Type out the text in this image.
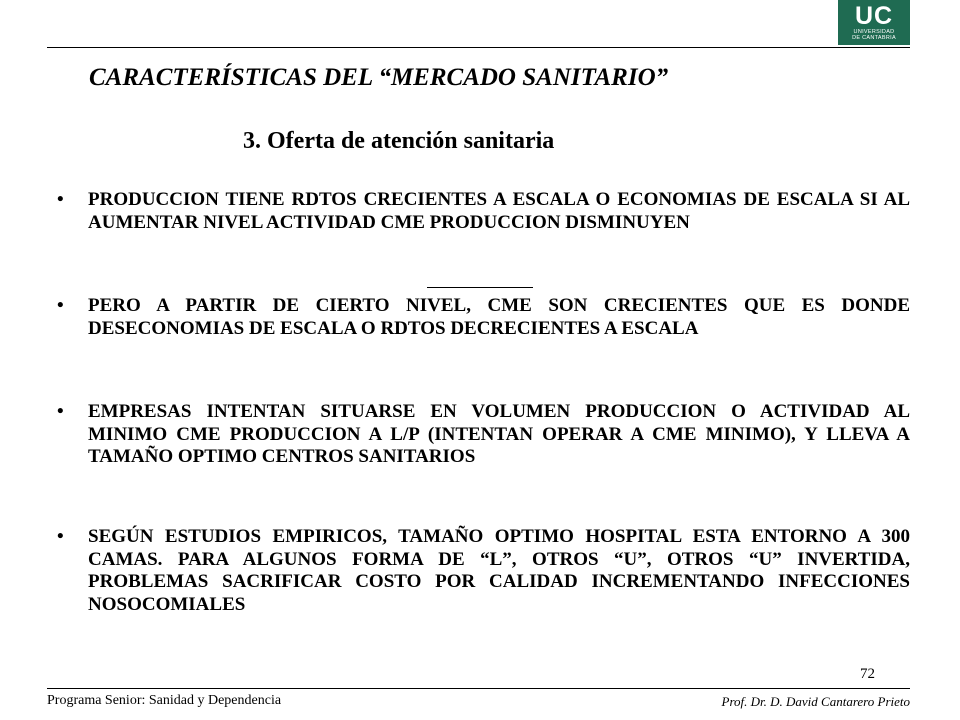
UC
UNIVERSIDAD
DE CANTABRIA
CARACTERÍSTICAS DEL “MERCADO SANITARIO”
3. Oferta de atención sanitaria
• PRODUCCION TIENE RDTOS CRECIENTES A ESCALA O ECONOMIAS DE ESCALA SI AL AUMENTAR NIVEL ACTIVIDAD CME PRODUCCION DISMINUYEN
• PERO A PARTIR DE CIERTO NIVEL, CME SON CRECIENTES QUE ES DONDE DESECONOMIAS DE ESCALA O RDTOS DECRECIENTES A ESCALA
• EMPRESAS INTENTAN SITUARSE EN VOLUMEN PRODUCCION O ACTIVIDAD AL MINIMO CME PRODUCCION A L/P (INTENTAN OPERAR A CME MINIMO), Y LLEVA A TAMAÑO OPTIMO CENTROS SANITARIOS
• SEGÚN ESTUDIOS EMPIRICOS, TAMAÑO OPTIMO HOSPITAL ESTA ENTORNO A 300 CAMAS. PARA ALGUNOS FORMA DE “L”, OTROS “U”, OTROS “U” INVERTIDA, PROBLEMAS SACRIFICAR COSTO POR CALIDAD INCREMENTANDO INFECCIONES NOSOCOMIALES
72
Programa Senior: Sanidad y Dependencia	Prof. Dr. D. David Cantarero Prieto
